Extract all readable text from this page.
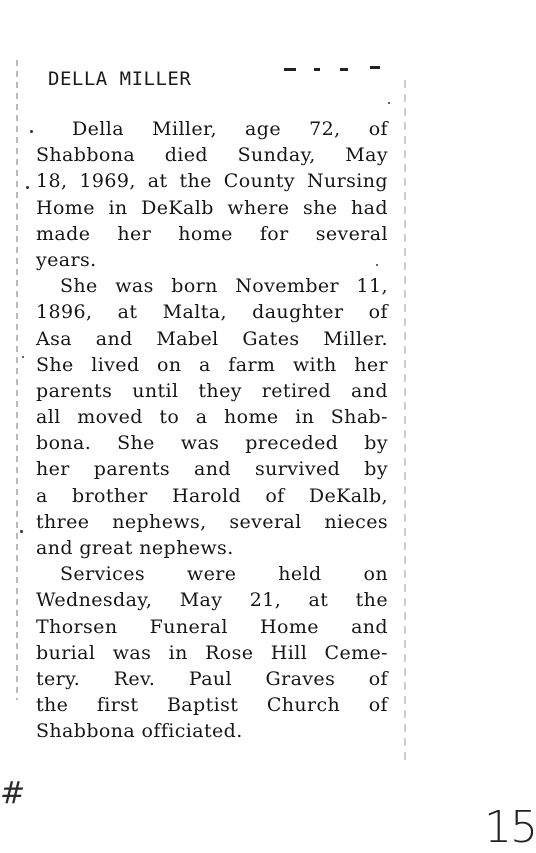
DELLA MILLER
Della Miller, age 72, of
Shabbona died Sunday, May
18, 1969, at the County Nursing
Home in DeKalb where she had
made her home for several
years.
She was born November 11,
1896, at Malta, daughter of
Asa and Mabel Gates Miller.
She lived on a farm with her
parents until they retired and
all moved to a home in Shab-
bona. She was preceded by
her parents and survived by
a brother Harold of DeKalb,
three nephews, several nieces
and great nephews.
Services were held on
Wednesday, May 21, at the
Thorsen Funeral Home and
burial was in Rose Hill Ceme-
tery. Rev. Paul Graves of
the first Baptist Church of
Shabbona officiated.
#
15
